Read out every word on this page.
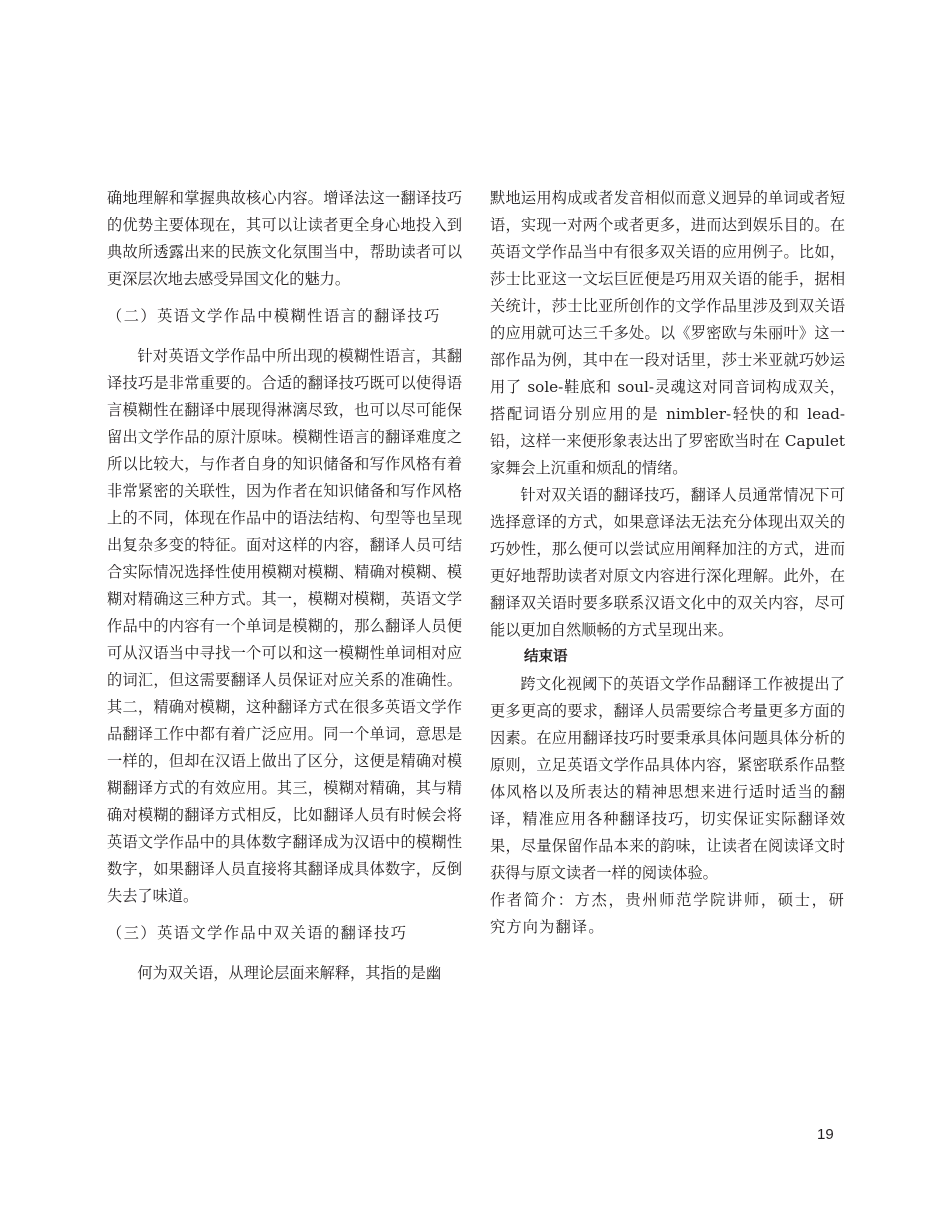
确地理解和掌握典故核心内容。增译法这一翻译技巧的优势主要体现在，其可以让读者更全身心地投入到典故所透露出来的民族文化氛围当中，帮助读者可以更深层次地去感受异国文化的魅力。

（二）英语文学作品中模糊性语言的翻译技巧

针对英语文学作品中所出现的模糊性语言，其翻译技巧是非常重要的。合适的翻译技巧既可以使得语言模糊性在翻译中展现得淋漓尽致，也可以尽可能保留出文学作品的原汁原味。模糊性语言的翻译难度之所以比较大，与作者自身的知识储备和写作风格有着非常紧密的关联性，因为作者在知识储备和写作风格上的不同，体现在作品中的语法结构、句型等也呈现出复杂多变的特征。面对这样的内容，翻译人员可结合实际情况选择性使用模糊对模糊、精确对模糊、模糊对精确这三种方式。其一，模糊对模糊，英语文学作品中的内容有一个单词是模糊的，那么翻译人员便可从汉语当中寻找一个可以和这一模糊性单词相对应的词汇，但这需要翻译人员保证对应关系的准确性。其二，精确对模糊，这种翻译方式在很多英语文学作品翻译工作中都有着广泛应用。同一个单词，意思是一样的，但却在汉语上做出了区分，这便是精确对模糊翻译方式的有效应用。其三，模糊对精确，其与精确对模糊的翻译方式相反，比如翻译人员有时候会将英语文学作品中的具体数字翻译成为汉语中的模糊性数字，如果翻译人员直接将其翻译成具体数字，反倒失去了味道。

（三）英语文学作品中双关语的翻译技巧

何为双关语，从理论层面来解释，其指的是幽

默地运用构成或者发音相似而意义迥异的单词或者短语，实现一对两个或者更多，进而达到娱乐目的。在英语文学作品当中有很多双关语的应用例子。比如，莎士比亚这一文坛巨匠便是巧用双关语的能手，据相关统计，莎士比亚所创作的文学作品里涉及到双关语的应用就可达三千多处。以《罗密欧与朱丽叶》这一部作品为例，其中在一段对话里，莎士米亚就巧妙运用了 sole-鞋底和 soul-灵魂这对同音词构成双关，搭配词语分别应用的是 nimbler-轻快的和 lead-铅，这样一来便形象表达出了罗密欧当时在 Capulet 家舞会上沉重和烦乱的情绪。

针对双关语的翻译技巧，翻译人员通常情况下可选择意译的方式，如果意译法无法充分体现出双关的巧妙性，那么便可以尝试应用阐释加注的方式，进而更好地帮助读者对原文内容进行深化理解。此外，在翻译双关语时要多联系汉语文化中的双关内容，尽可能以更加自然顺畅的方式呈现出来。

结束语

跨文化视阈下的英语文学作品翻译工作被提出了更多更高的要求，翻译人员需要综合考量更多方面的因素。在应用翻译技巧时要秉承具体问题具体分析的原则，立足英语文学作品具体内容，紧密联系作品整体风格以及所表达的精神思想来进行适时适当的翻译，精准应用各种翻译技巧，切实保证实际翻译效果，尽量保留作品本来的韵味，让读者在阅读译文时获得与原文读者一样的阅读体验。

作者简介：方杰，贵州师范学院讲师，硕士，研究方向为翻译。

19
